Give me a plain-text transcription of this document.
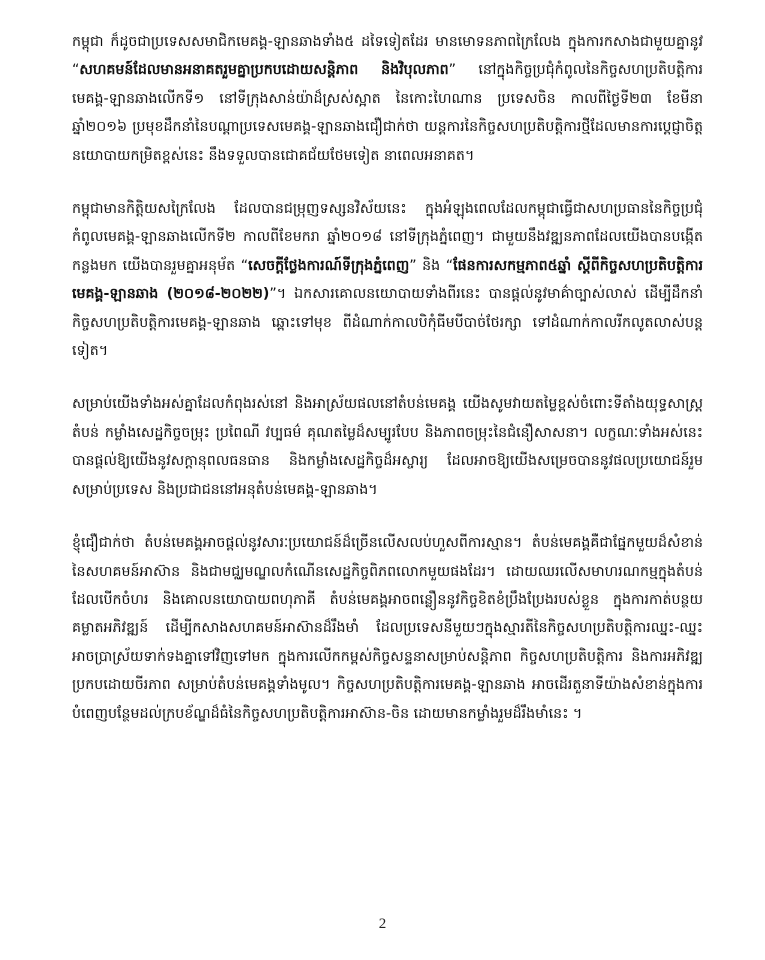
កម្ពុជា ក៏ដូចជាប្រទេសសមាជិកមេគង្គ-ឡានឆាងទាំង៥ ដទៃទៀតដែរ មានមោទនភាពក្រៃលែង ក្នុងការកសាងជាមួយគ្នានូវ “សហគមន៍ដែលមានអនាគតរួមគ្នាប្រកបដោយសន្តិភាព និងវិបុលភាព” នៅក្នុងកិច្ចប្រជុំកំពូលនៃកិច្ចសហប្រតិបត្តិការមេគង្គ-ឡានឆាងលើកទី១ នៅទីក្រុងសាន់យ៉ាដ៏ស្រស់ស្អាត នៃកោះហៃណាន ប្រទេសចិន កាលពីថ្ងៃទី២៣ ខែមីនា ឆ្នាំ២០១៦ ប្រមុខដឹកនាំនៃបណ្តាប្រទេសមេគង្គ-ឡានឆាងជឿជាក់ថា យន្តការនៃកិច្ចសហប្រតិបត្តិការថ្មីដែលមានការប្តេជ្ញាចិត្តនយោបាយកម្រិតខ្ពស់នេះ នឹងទទួលបានជោគជ័យថែមទៀត នាពេលអនាគត។

កម្ពុជាមានកិត្តិយសក្រៃលែង ដែលបានជម្រុញទស្សនវិស័យនេះ ក្នុងអំឡុងពេលដែលកម្ពុជាធ្វើជាសហប្រធាននៃកិច្ចប្រជុំកំពូលមេគង្គ-ឡានឆាងលើកទី២ កាលពីខែមករា ឆ្នាំ២០១៨ នៅទីក្រុងភ្នំពេញ។ ជាមួយនឹងវឌ្ឍនភាពដែលយើងបានបង្កើតកន្លងមក យើងបានរួមគ្នាអនុម័ត “សេចក្តីថ្លែងការណ៍ទីក្រុងភ្នំពេញ” និង “ផែនការសកម្មភាព៥ឆ្នាំ ស្តីពីកិច្ចសហប្រតិបត្តិការមេគង្គ-ឡានឆាង (២០១៨-២០២២)”។ ឯកសារគោលនយោបាយទាំងពីរនេះ បានផ្តល់នូវមាគ៌ាច្បាស់លាស់ ដើម្បីដឹកនាំកិច្ចសហប្រតិបត្តិការមេគង្គ-ឡានឆាង ឆ្ពោះទៅមុខ ពីដំណាក់កាលបិកុំធីមបីបាច់ថែរក្សា ទៅដំណាក់កាលរីកលូតលាស់បន្តទៀត។

សម្រាប់យើងទាំងអស់គ្នាដែលកំពុងរស់នៅ និងអាស្រ័យផលនៅតំបន់មេគង្គ យើងសូមវាយតម្លៃខ្ពស់ចំពោះទីតាំងយុទ្ធសាស្ត្រតំបន់ កម្លាំងសេដ្ឋកិច្ចចម្រុះ ប្រពៃណី វប្បធម៌ គុណតម្លៃដ៏សម្បូរបែប និងភាពចម្រុះនៃជំនឿសាសនា។ លក្ខណៈទាំងអស់នេះ បានផ្តល់ឱ្យយើងនូវសក្តានុពលធនធាន និងកម្លាំងសេដ្ឋកិច្ចដ៏អស្ចារ្យ ដែលអាចឱ្យយើងសម្រេចបាននូវផលប្រយោជន៍រួម សម្រាប់ប្រទេស និងប្រជាជននៅអនុតំបន់មេគង្គ-ឡានឆាង។

ខ្ញុំជឿជាក់ថា តំបន់មេគង្គអាចផ្តល់នូវសារៈប្រយោជន៍ដ៏ច្រើនលើសលប់ហួសពីការស្មាន។ តំបន់មេគង្គគឺជាផ្នែកមួយដ៏សំខាន់នៃសហគមន៍អាស៊ាន និងជាមជ្ឈមណ្ឌលកំណើនសេដ្ឋកិច្ចពិភពលោកមួយផងដែរ។ ដោយឈរលើសមាហរណកម្មក្នុងតំបន់ដែលបើកចំហរ និងគោលនយោបាយពហុភាគី តំបន់មេគង្គអាចពន្លឿននូវកិច្ចខិតខំប្រឹងប្រែងរបស់ខ្លួន ក្នុងការកាត់បន្ថយគម្លាតអភិវឌ្ឍន៍ ដើម្បីកសាងសហគមន៍អាស៊ានដ៏រឹងមាំ ដែលប្រទេសនីមួយៗក្នុងស្មារតីនៃកិច្ចសហប្រតិបត្តិការឈ្នះ-ឈ្នះ អាចប្រាស្រ័យទាក់ទងគ្នាទៅវិញទៅមក ក្នុងការលើកកម្ពស់កិច្ចសន្ទនាសម្រាប់សន្តិភាព កិច្ចសហប្រតិបត្តិការ និងការអភិវឌ្ឍប្រកបដោយចីរភាព សម្រាប់តំបន់មេគង្គទាំងមូល។ កិច្ចសហប្រតិបត្តិការមេគង្គ-ឡានឆាង អាចដើរតួនាទីយ៉ាងសំខាន់ក្នុងការបំពេញបន្ថែមដល់ក្របខ័ណ្ឌដ៏ធំនៃកិច្ចសហប្រតិបត្តិការអាស៊ាន-ចិន ដោយមានកម្លាំងរួមដ៏រឹងមាំនេះ ។

2
